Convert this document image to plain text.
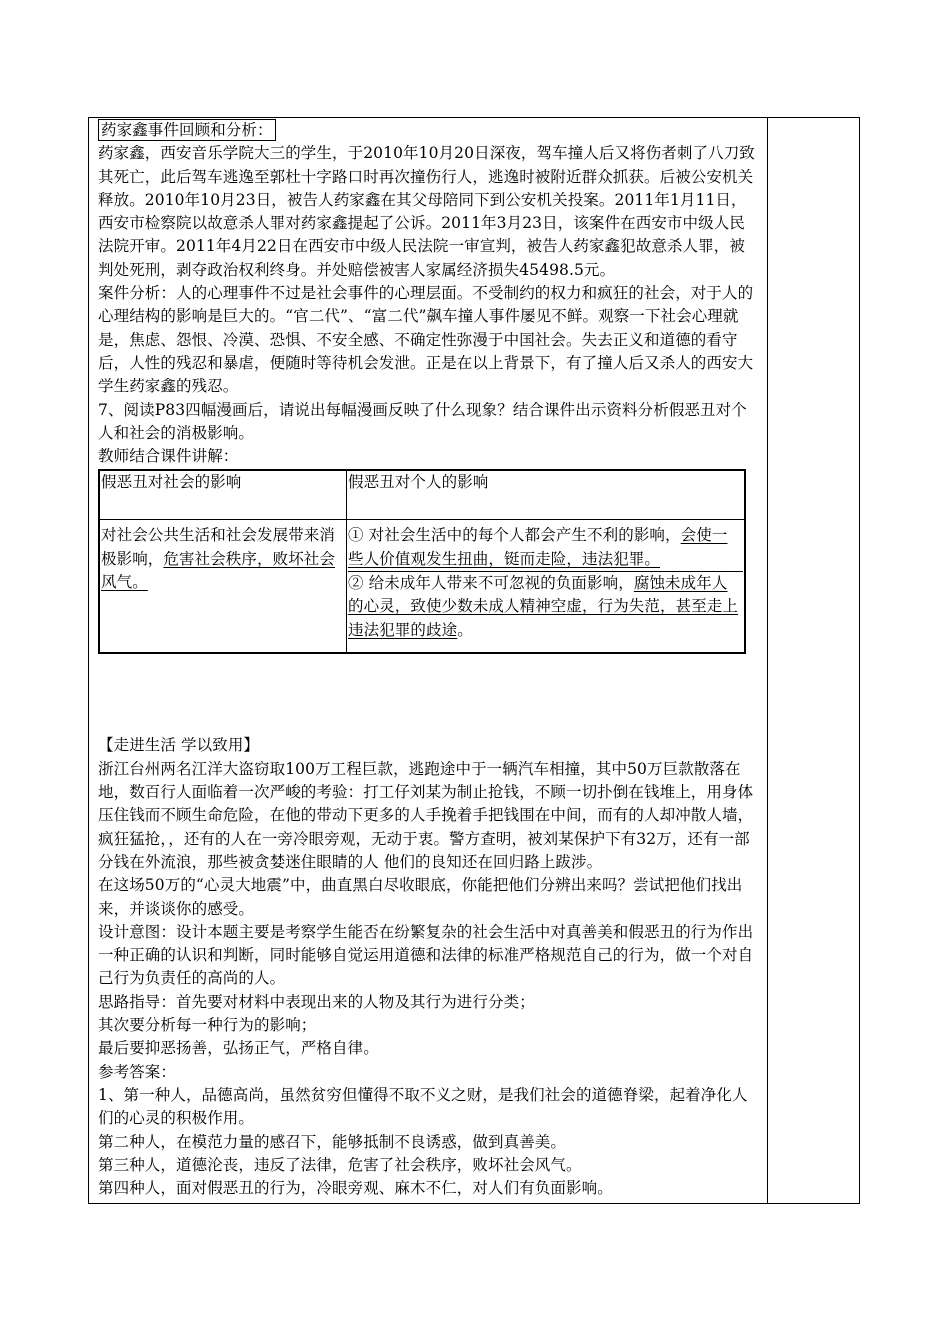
药家鑫事件回顾和分析：

药家鑫，西安音乐学院大三的学生，于2010年10月20日深夜，驾车撞人后又将伤者刺了八刀致其死亡，此后驾车逃逸至郭杜十字路口时再次撞伤行人，逃逸时被附近群众抓获。后被公安机关释放。2010年10月23日，被告人药家鑫在其父母陪同下到公安机关投案。2011年1月11日，西安市检察院以故意杀人罪对药家鑫提起了公诉。2011年3月23日，该案件在西安市中级人民法院开审。2011年4月22日在西安市中级人民法院一审宣判，被告人药家鑫犯故意杀人罪，被判处死刑，剥夺政治权利终身。并处赔偿被害人家属经济损失45498.5元。

案件分析：人的心理事件不过是社会事件的心理层面。不受制约的权力和疯狂的社会，对于人的心理结构的影响是巨大的。“官二代”、“富二代”飙车撞人事件屡见不鲜。观察一下社会心理就是，焦虑、怨恨、冷漠、恐惧、不安全感、不确定性弥漫于中国社会。失去正义和道德的看守后，人性的残忍和暴虐，便随时等待机会发泄。正是在以上背景下，有了撞人后又杀人的西安大学生药家鑫的残忍。

7、阅读P83四幅漫画后，请说出每幅漫画反映了什么现象？结合课件出示资料分析假恶丑对个人和社会的消极影响。

教师结合课件讲解：

假恶丑对社会的影响	假恶丑对个人的影响
对社会公共生活和社会发展带来消极影响，危害社会秩序，败坏社会风气。	① 对社会生活中的每个人都会产生不利的影响，会使一些人价值观发生扭曲，铤而走险，违法犯罪。
② 给未成年人带来不可忽视的负面影响，腐蚀未成年人的心灵，致使少数未成人精神空虚，行为失范，甚至走上违法犯罪的歧途。

【走进生活 学以致用】

浙江台州两名江洋大盗窃取100万工程巨款，逃跑途中于一辆汽车相撞，其中50万巨款散落在地，数百行人面临着一次严峻的考验：打工仔刘某为制止抢钱，不顾一切扑倒在钱堆上，用身体压住钱而不顾生命危险，在他的带动下更多的人手挽着手把钱围在中间，而有的人却冲散人墙，疯狂猛抢，，还有的人在一旁冷眼旁观，无动于衷。警方查明，被刘某保护下有32万，还有一部分钱在外流浪，那些被贪婪迷住眼睛的人 他们的良知还在回归路上跋涉。

在这场50万的“心灵大地震”中，曲直黑白尽收眼底，你能把他们分辨出来吗？尝试把他们找出来，并谈谈你的感受。

设计意图：设计本题主要是考察学生能否在纷繁复杂的社会生活中对真善美和假恶丑的行为作出一种正确的认识和判断，同时能够自觉运用道德和法律的标准严格规范自己的行为，做一个对自己行为负责任的高尚的人。

思路指导：首先要对材料中表现出来的人物及其行为进行分类；

其次要分析每一种行为的影响；

最后要抑恶扬善，弘扬正气，严格自律。

参考答案：

1、第一种人，品德高尚，虽然贫穷但懂得不取不义之财，是我们社会的道德脊梁，起着净化人们的心灵的积极作用。

第二种人，在模范力量的感召下，能够抵制不良诱惑，做到真善美。

第三种人，道德沦丧，违反了法律，危害了社会秩序，败坏社会风气。

第四种人，面对假恶丑的行为，冷眼旁观、麻木不仁，对人们有负面影响。
